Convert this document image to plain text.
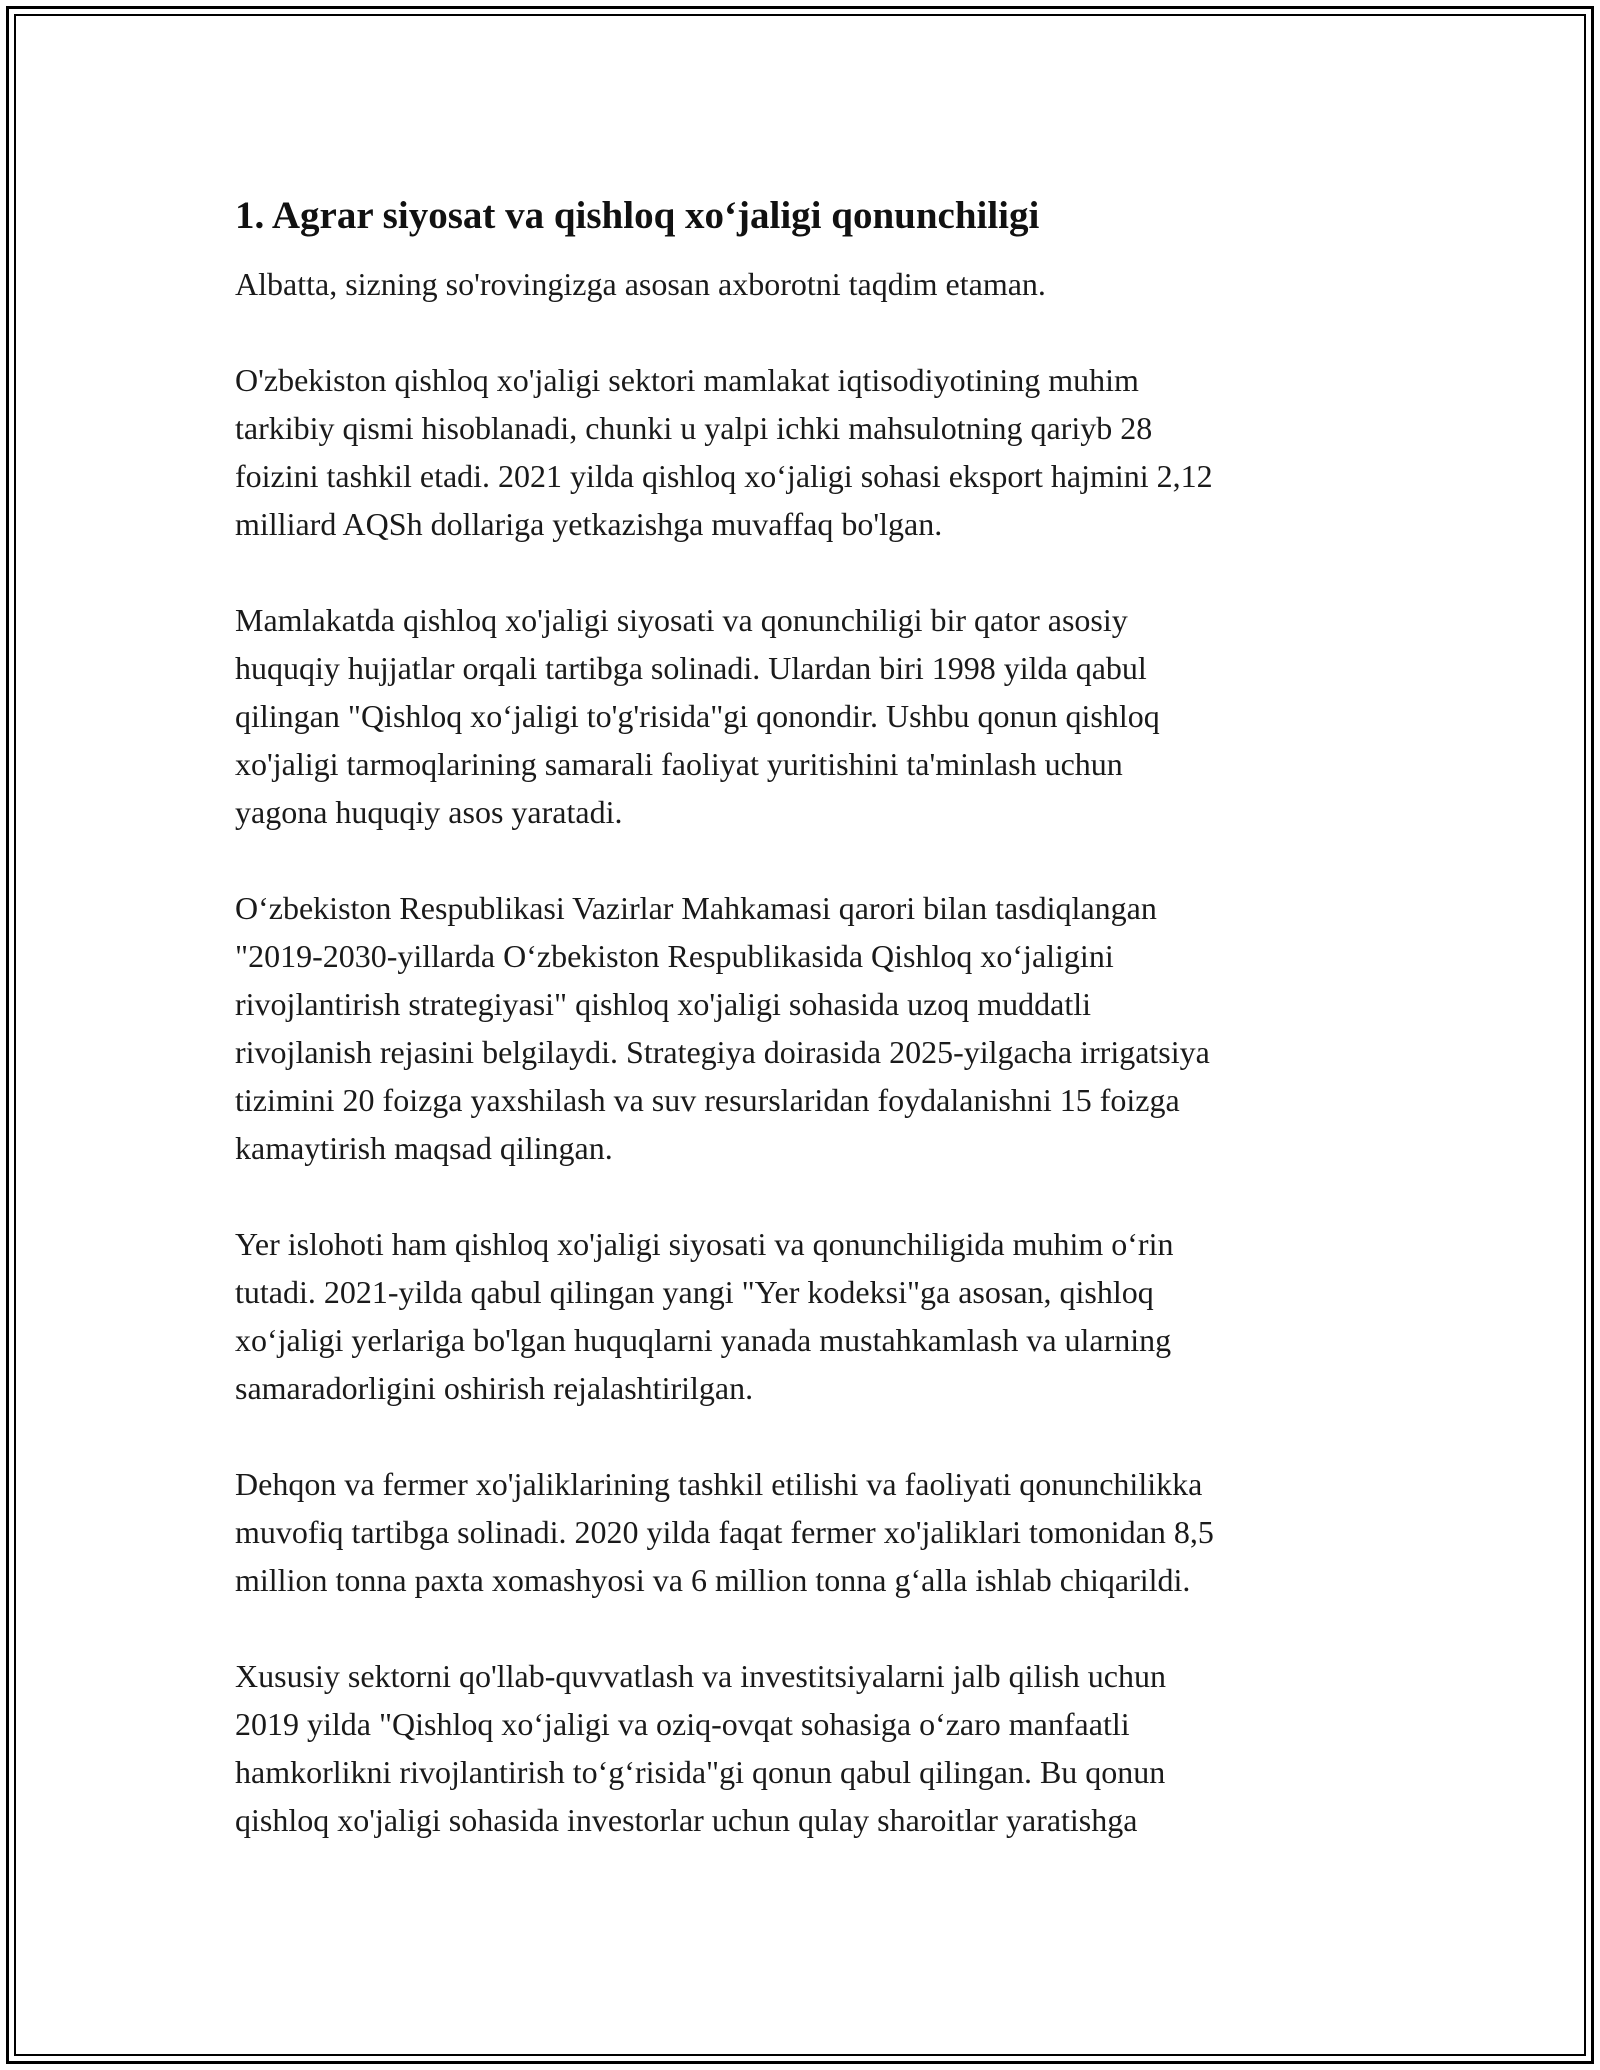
1. Agrar siyosat va qishloq xo‘jaligi qonunchiligi
Albatta, sizning so'rovingizga asosan axborotni taqdim etaman.
O'zbekiston qishloq xo'jaligi sektori mamlakat iqtisodiyotining muhim
tarkibiy qismi hisoblanadi, chunki u yalpi ichki mahsulotning qariyb 28
foizini tashkil etadi. 2021 yilda qishloq xo‘jaligi sohasi eksport hajmini 2,12
milliard AQSh dollariga yetkazishga muvaffaq bo'lgan.
Mamlakatda qishloq xo'jaligi siyosati va qonunchiligi bir qator asosiy
huquqiy hujjatlar orqali tartibga solinadi. Ulardan biri 1998 yilda qabul
qilingan "Qishloq xo‘jaligi to'g'risida"gi qonondir. Ushbu qonun qishloq
xo'jaligi tarmoqlarining samarali faoliyat yuritishini ta'minlash uchun
yagona huquqiy asos yaratadi.
O‘zbekiston Respublikasi Vazirlar Mahkamasi qarori bilan tasdiqlangan
"2019-2030-yillarda O‘zbekiston Respublikasida Qishloq xo‘jaligini
rivojlantirish strategiyasi" qishloq xo'jaligi sohasida uzoq muddatli
rivojlanish rejasini belgilaydi. Strategiya doirasida 2025-yilgacha irrigatsiya
tizimini 20 foizga yaxshilash va suv resurslaridan foydalanishni 15 foizga
kamaytirish maqsad qilingan.
Yer islohoti ham qishloq xo'jaligi siyosati va qonunchiligida muhim o‘rin
tutadi. 2021-yilda qabul qilingan yangi "Yer kodeksi"ga asosan, qishloq
xo‘jaligi yerlariga bo'lgan huquqlarni yanada mustahkamlash va ularning
samaradorligini oshirish rejalashtirilgan.
Dehqon va fermer xo'jaliklarining tashkil etilishi va faoliyati qonunchilikka
muvofiq tartibga solinadi. 2020 yilda faqat fermer xo'jaliklari tomonidan 8,5
million tonna paxta xomashyosi va 6 million tonna g‘alla ishlab chiqarildi.
Xususiy sektorni qo'llab-quvvatlash va investitsiyalarni jalb qilish uchun
2019 yilda "Qishloq xo‘jaligi va oziq-ovqat sohasiga o‘zaro manfaatli
hamkorlikni rivojlantirish to‘g‘risida"gi qonun qabul qilingan. Bu qonun
qishloq xo'jaligi sohasida investorlar uchun qulay sharoitlar yaratishga
